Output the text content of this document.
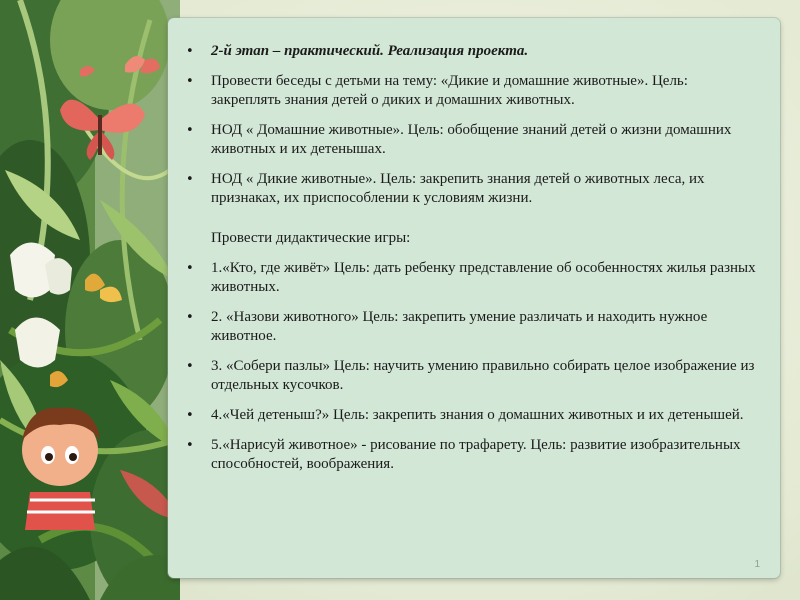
1
• 2-й этап – практический. Реализация проекта.
• Провести беседы с детьми на тему: «Дикие и домашние животные». Цель: закреплять знания детей о диких и домашних животных.
• НОД « Домашние животные». Цель: обобщение знаний детей о жизни домашних животных и их детенышах.
• НОД « Дикие животные». Цель: закрепить знания детей о животных леса, их признаках, их приспособлении к условиям жизни.
Провести дидактические игры:
• 1.«Кто, где живёт» Цель: дать ребенку представление об особенностях жилья разных животных.
• 2. «Назови животного» Цель: закрепить умение различать и находить нужное животное.
• 3. «Собери пазлы» Цель: научить умению правильно собирать целое изображение из отдельных кусочков.
• 4.«Чей детеныш?» Цель: закрепить знания о домашних животных и их детенышей.
• 5.«Нарисуй животное» - рисование по трафарету. Цель: развитие изобразительных способностей, воображения.
